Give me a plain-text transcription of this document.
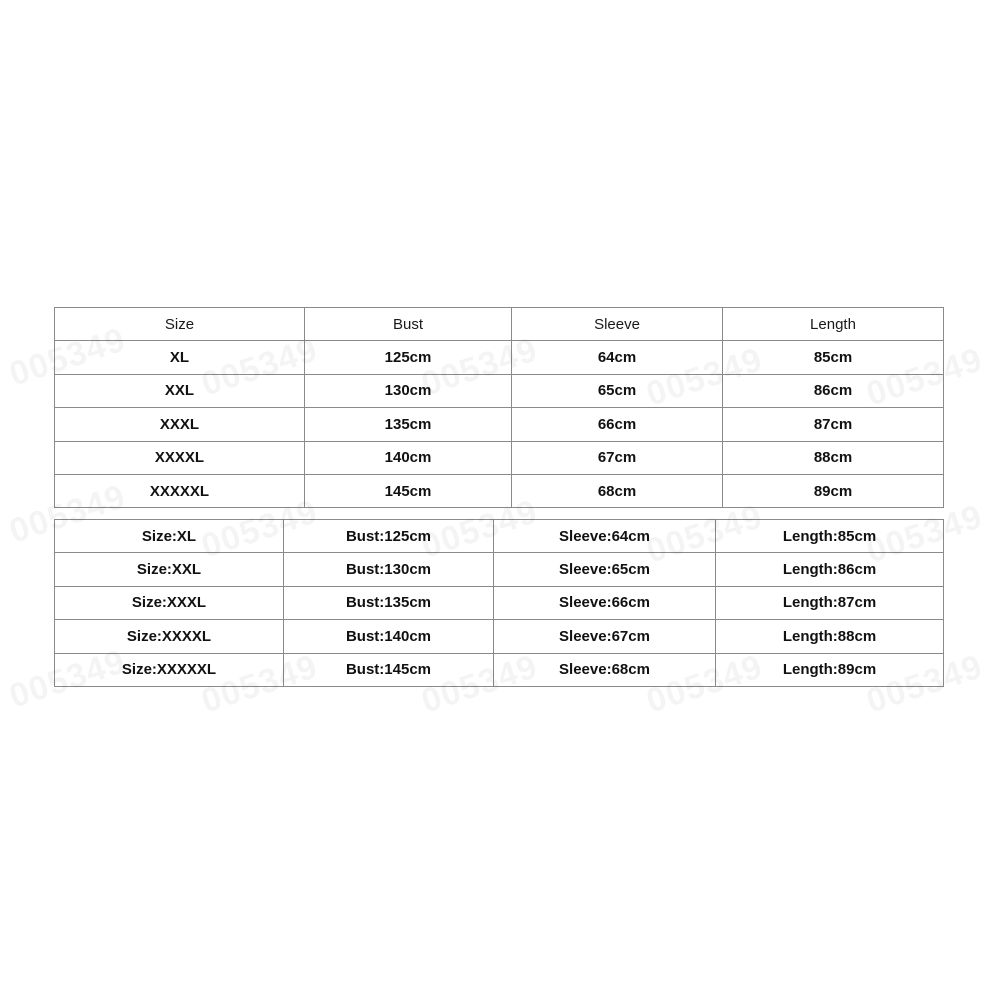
Size	Bust	Sleeve	Length
XL	125cm	64cm	85cm
XXL	130cm	65cm	86cm
XXXL	135cm	66cm	87cm
XXXXL	140cm	67cm	88cm
XXXXXL	145cm	68cm	89cm
Size:XL	Bust:125cm	Sleeve:64cm	Length:85cm
Size:XXL	Bust:130cm	Sleeve:65cm	Length:86cm
Size:XXXL	Bust:135cm	Sleeve:66cm	Length:87cm
Size:XXXXL	Bust:140cm	Sleeve:67cm	Length:88cm
Size:XXXXXL	Bust:145cm	Sleeve:68cm	Length:89cm
